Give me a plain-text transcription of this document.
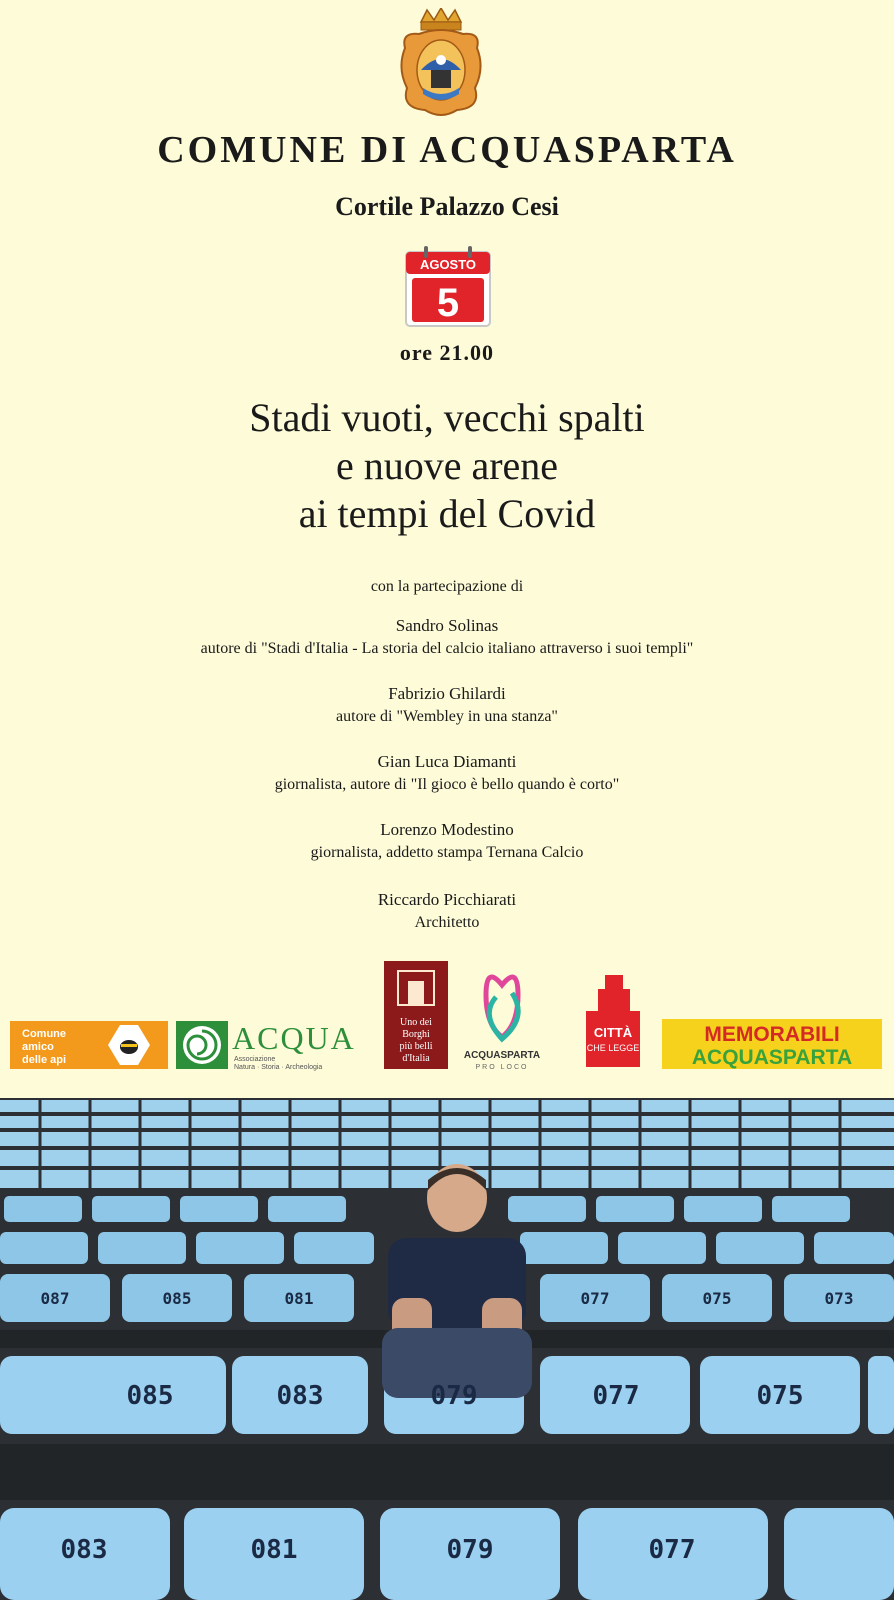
COMUNE DI ACQUASPARTA
Cortile Palazzo Cesi
AGOSTO
5
ore 21.00
Stadi vuoti, vecchi spalti
e nuove arene
ai tempi del Covid
con la partecipazione di
Sandro Solinas
autore di "Stadi d'Italia - La storia del calcio italiano attraverso i suoi templi"
Fabrizio Ghilardi
autore di "Wembley in una stanza"
Gian Luca Diamanti
giornalista, autore di "Il gioco è bello quando è corto"
Lorenzo Modestino
giornalista, addetto stampa Ternana Calcio
Riccardo Picchiarati
Architetto
Comune
amico
delle api
ACQUA
Associazione
Natura · Storia · Archeologia
Uno dei
Borghi
più belli
d'Italia	ACQUASPARTA
PRO LOCO
CITTÀ
CHE LEGGE
MEMORABILI
ACQUASPARTA
083	081	079	077
085	083	079	077	075
087	085	081	077	075	073
